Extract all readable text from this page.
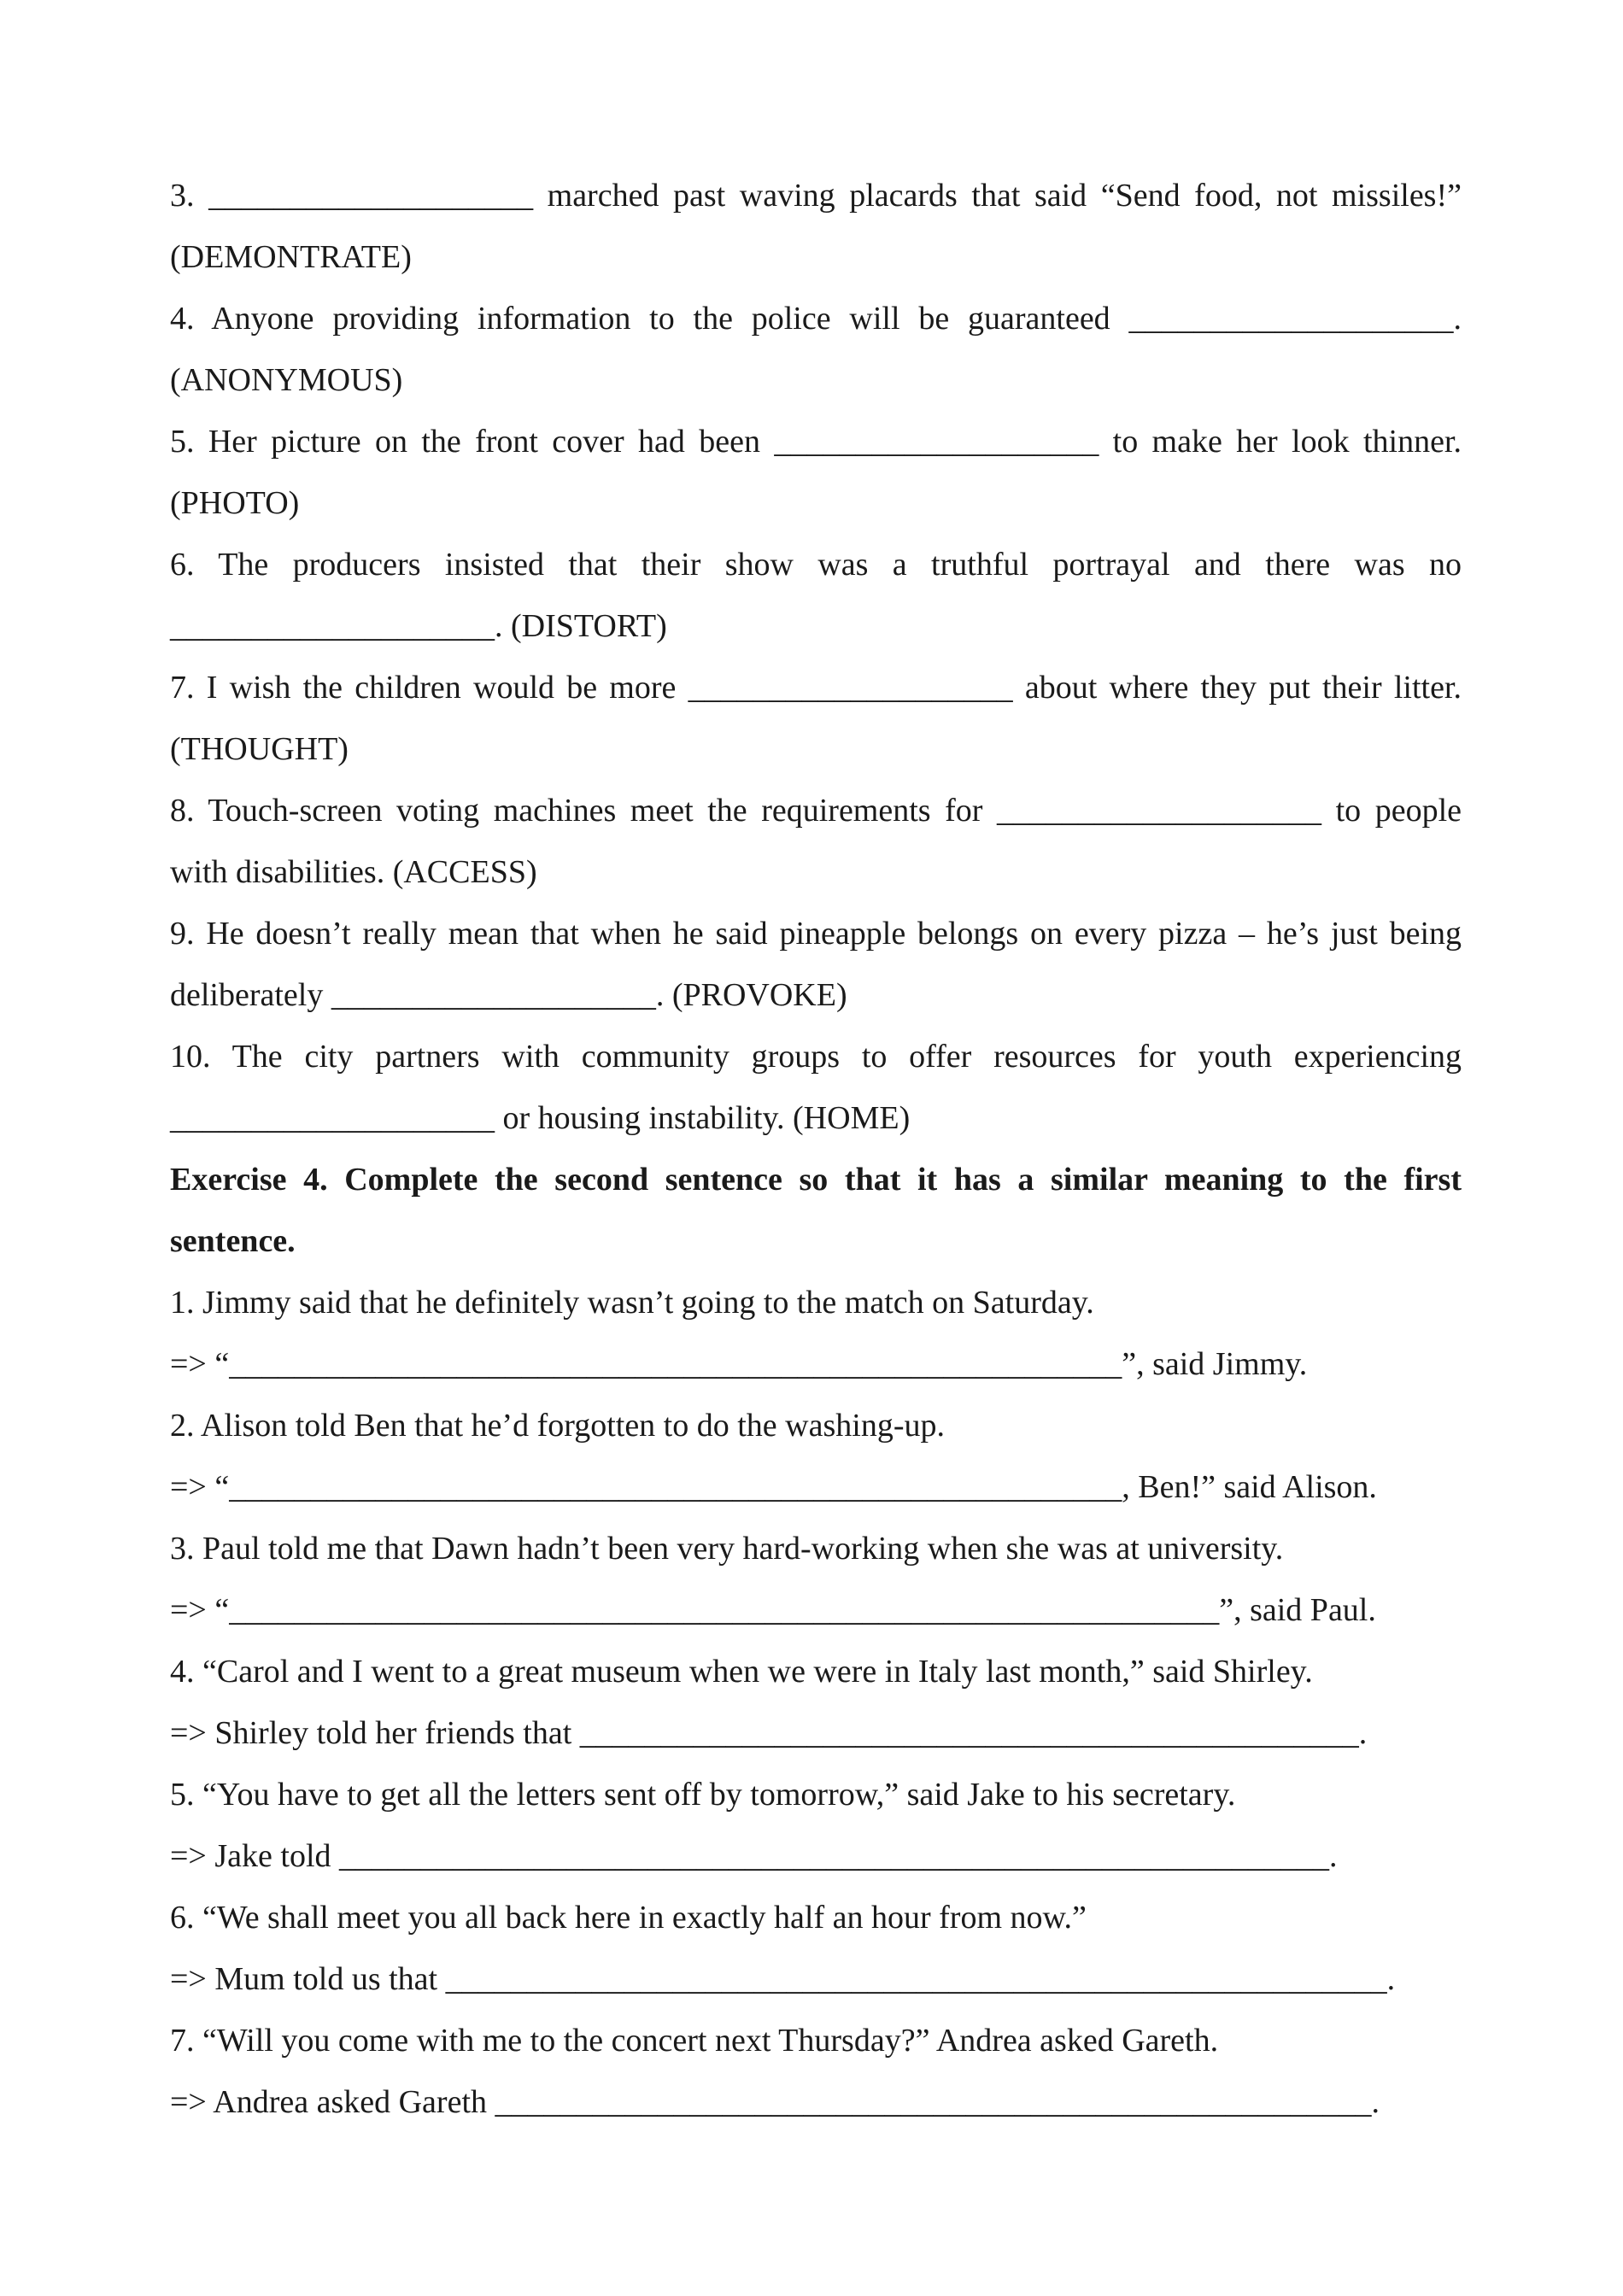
3. ____________________ marched past waving placards that said “Send food, not missiles!” (DEMONTRATE)

4. Anyone providing information to the police will be guaranteed ____________________. (ANONYMOUS)

5. Her picture on the front cover had been ____________________ to make her look thinner. (PHOTO)

6. The producers insisted that their show was a truthful portrayal and there was no ____________________. (DISTORT)

7. I wish the children would be more ____________________ about where they put their litter. (THOUGHT)

8. Touch-screen voting machines meet the requirements for ____________________ to people with disabilities. (ACCESS)

9. He doesn’t really mean that when he said pineapple belongs on every pizza – he’s just being deliberately ____________________. (PROVOKE)

10. The city partners with community groups to offer resources for youth experiencing ____________________ or housing instability. (HOME)

Exercise 4. Complete the second sentence so that it has a similar meaning to the first sentence.

1. Jimmy said that he definitely wasn’t going to the match on Saturday.

=> “_______________________________________________________”, said Jimmy.

2. Alison told Ben that he’d forgotten to do the washing-up.

=> “_______________________________________________________, Ben!” said Alison.

3. Paul told me that Dawn hadn’t been very hard-working when she was at university.

=> “_____________________________________________________________”, said Paul.

4. “Carol and I went to a great museum when we were in Italy last month,” said Shirley.

=> Shirley told her friends that ________________________________________________.

5. “You have to get all the letters sent off by tomorrow,” said Jake to his secretary.

=> Jake told _____________________________________________________________.

6. “We shall meet you all back here in exactly half an hour from now.”

=> Mum told us that __________________________________________________________.

7. “Will you come with me to the concert next Thursday?” Andrea asked Gareth.

=> Andrea asked Gareth ______________________________________________________.
